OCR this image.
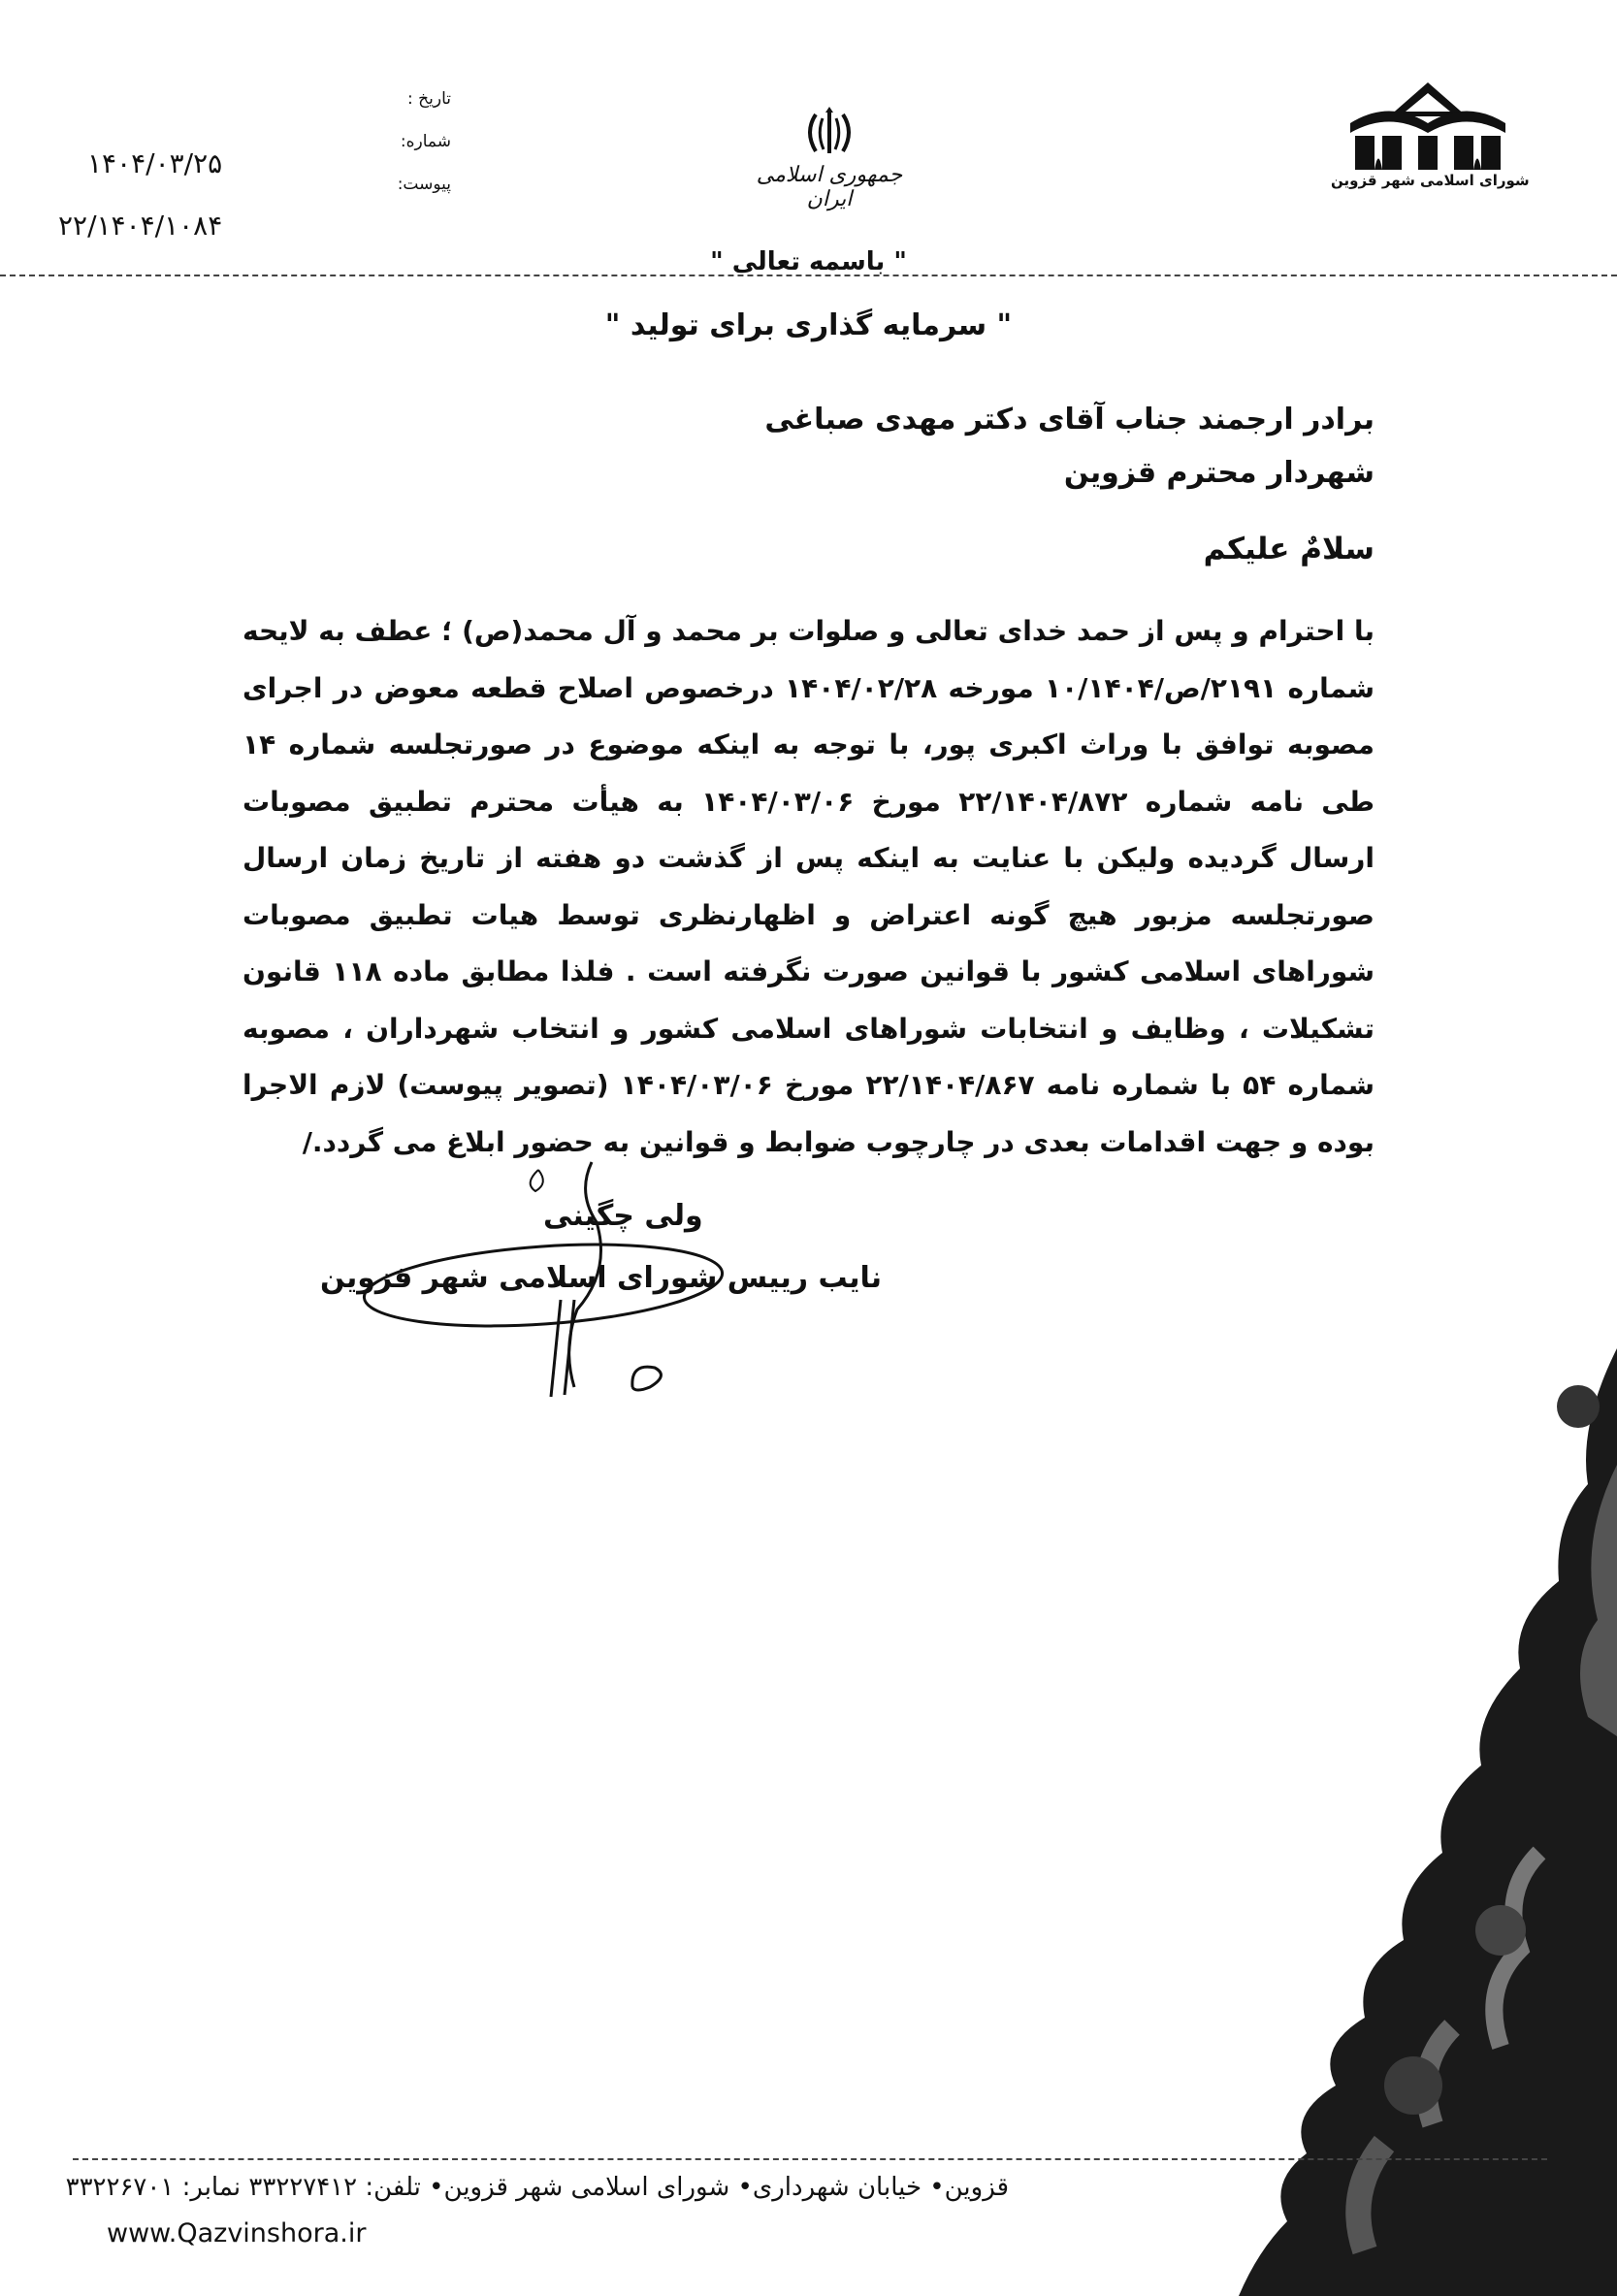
شورای اسلامی شهر قزوین
جمهوری اسلامی ایران
تاریخ :
شماره:
پیوست:
۱۴۰۴/۰۳/۲۵
۲۲/۱۴۰۴/۱۰۸۴
" باسمه تعالی "
" سرمایه گذاری برای تولید "
برادر ارجمند جناب آقای دکتر مهدی صباغی
شهردار محترم قزوین
سلامٌ علیکم

با احترام و پس از حمد خدای تعالی و صلوات بر محمد و آل محمد(ص) ؛ عطف به لایحه شماره ۲۱۹۱/ص/۱۰/۱۴۰۴ مورخه ۱۴۰۴/۰۲/۲۸ درخصوص اصلاح قطعه معوض در اجرای مصوبه توافق با وراث اکبری پور، با توجه به اینکه موضوع در صورتجلسه شماره ۱۴ طی نامه شماره ۲۲/۱۴۰۴/۸۷۲ مورخ ۱۴۰۴/۰۳/۰۶ به هیأت محترم تطبیق مصوبات ارسال گردیده ولیکن با عنایت به اینکه پس از گذشت دو هفته از تاریخ زمان ارسال صورتجلسه مزبور هیچ گونه اعتراض و اظهارنظری توسط هیات تطبیق مصوبات شوراهای اسلامی کشور با قوانین صورت نگرفته است . فلذا مطابق ماده ۱۱۸ قانون تشکیلات ، وظایف و انتخابات شوراهای اسلامی کشور و انتخاب شهرداران ، مصوبه شماره ۵۴ با شماره نامه ۲۲/۱۴۰۴/۸۶۷ مورخ ۱۴۰۴/۰۳/۰۶ (تصویر پیوست) لازم الاجرا بوده و جهت اقدامات بعدی در چارچوب ضوابط و قوانین به حضور ابلاغ می گردد./

ولی چگینی
نایب رییس شورای اسلامی شهر قزوین
قزوین• خیابان شهرداری• شورای اسلامی شهر قزوین• تلفن: ۳۳۲۲۷۴۱۲ نمابر: ۳۳۲۲۶۷۰۱
www.Qazvinshora.ir
